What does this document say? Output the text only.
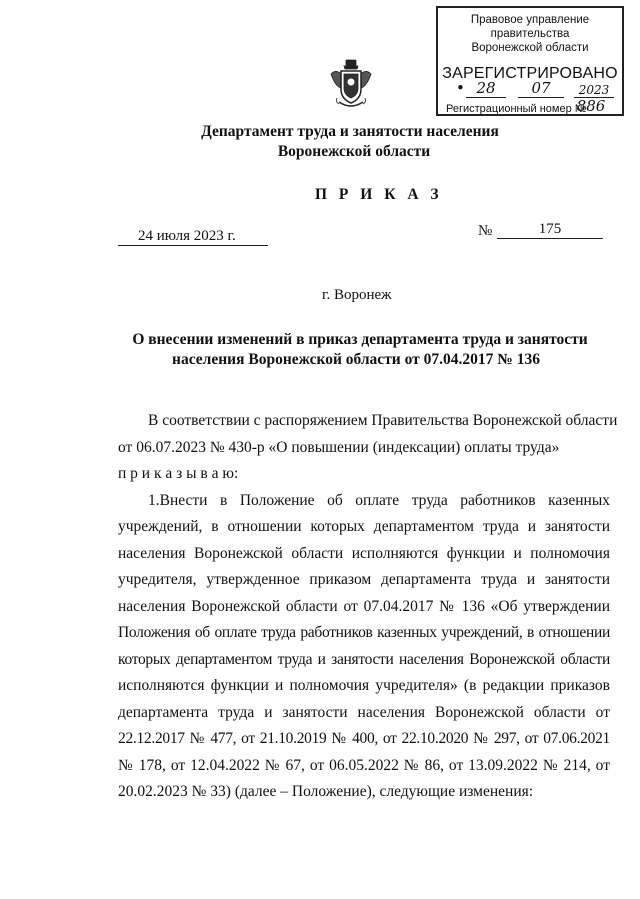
Правовое управление правительства
Воронежской области
ЗАРЕГИСТРИРОВАНО
• 28	07	2023
Регистрационный номер №
886
Департамент труда и занятости населения
Воронежской области
П Р И К А З
24 июля 2023 г.	№	175
г. Воронеж
О внесении изменений в приказ департамента труда и занятости
населения Воронежской области от 07.04.2017 № 136
В соответствии с распоряжением Правительства Воронежской области
от 06.07.2023 № 430-р «О повышении (индексации) оплаты труда»
п р и к а з ы в а ю:
1.Внести в Положение об оплате труда работников казенных
учреждений, в отношении которых департаментом труда и занятости
населения Воронежской области исполняются функции и полномочия
учредителя, утвержденное приказом департамента труда и занятости
населения Воронежской области от 07.04.2017 № 136 «Об утверждении
Положения об оплате труда работников казенных учреждений, в отношении
которых департаментом труда и занятости населения Воронежской области
исполняются функции и полномочия учредителя» (в редакции приказов
департамента труда и занятости населения Воронежской области от
22.12.2017 № 477, от 21.10.2019 № 400, от 22.10.2020 № 297, от 07.06.2021
№ 178, от 12.04.2022 № 67, от 06.05.2022 № 86, от 13.09.2022 № 214, от
20.02.2023 № 33) (далее – Положение), следующие изменения:
